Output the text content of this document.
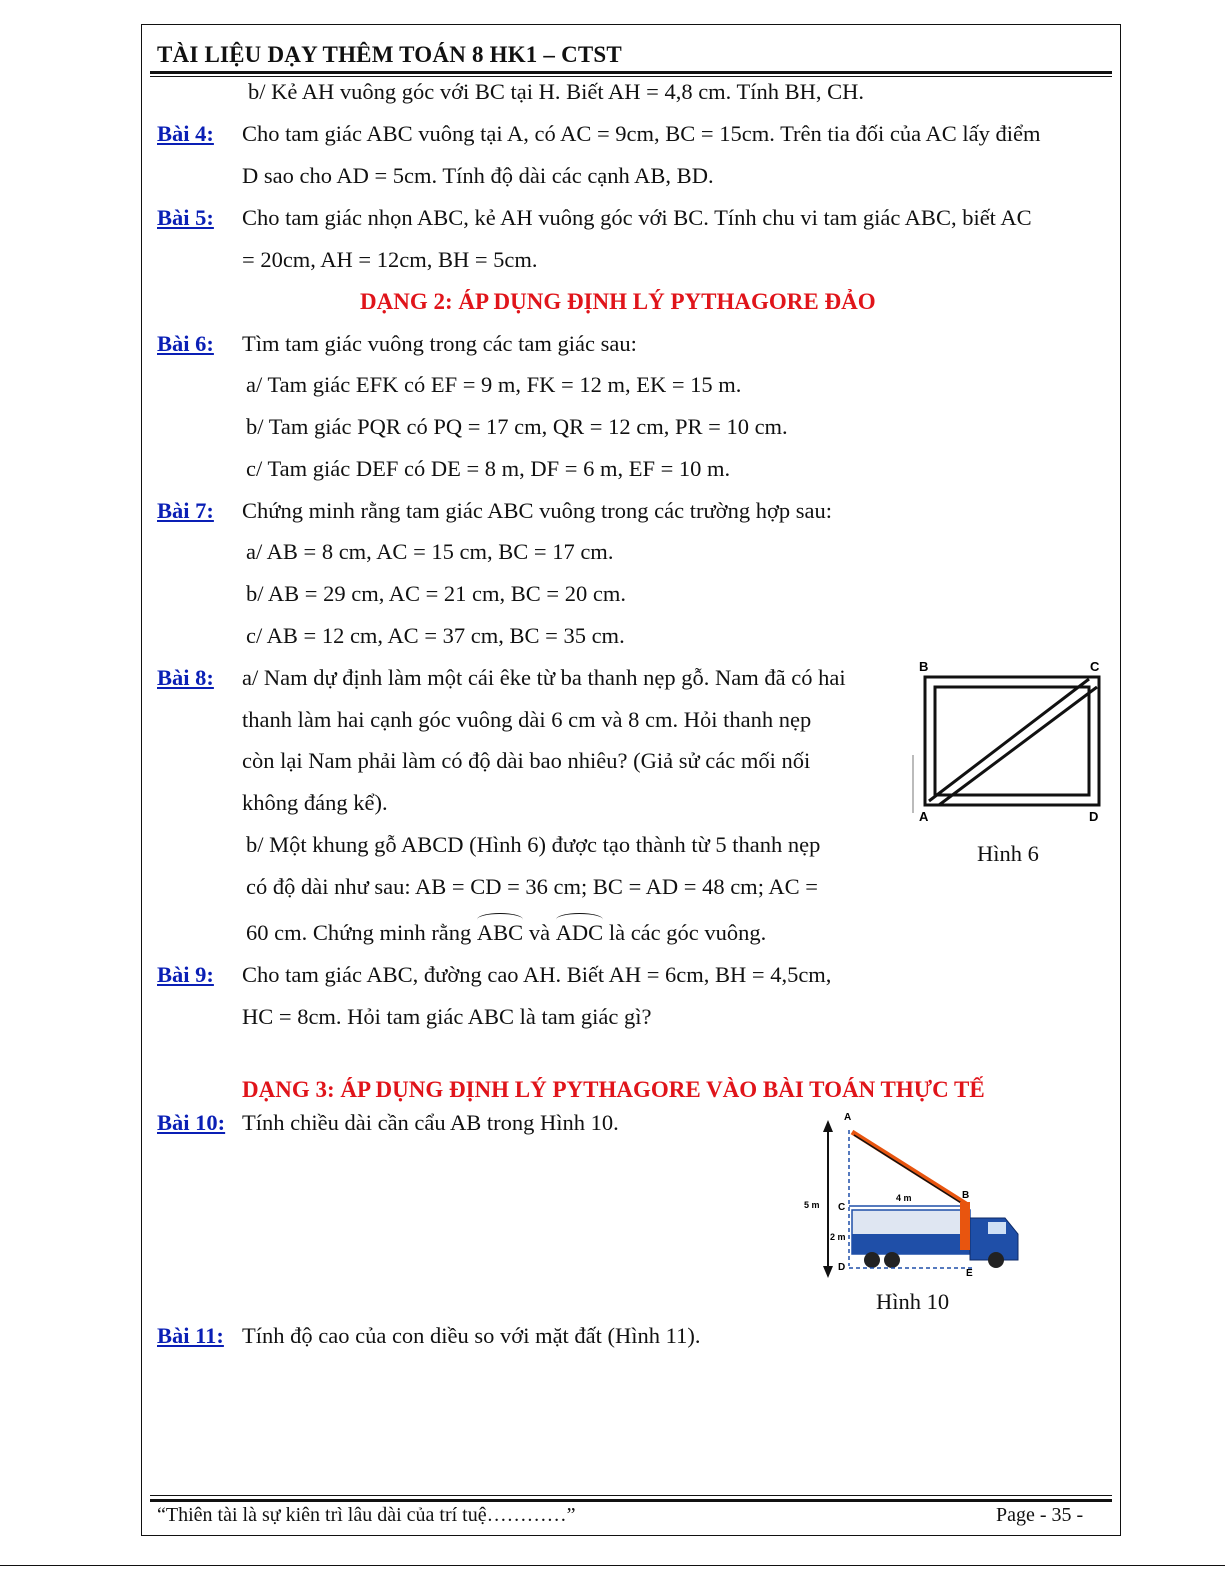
TÀI LIỆU DẠY THÊM TOÁN 8 HK1 – CTST
b/ Kẻ AH vuông góc với BC tại H. Biết AH = 4,8 cm. Tính BH, CH.
Bài 4: Cho tam giác ABC vuông tại A, có AC = 9cm, BC = 15cm. Trên tia đối của AC lấy điểm
D sao cho AD = 5cm. Tính độ dài các cạnh AB, BD.
Bài 5: Cho tam giác nhọn ABC, kẻ AH vuông góc với BC. Tính chu vi tam giác ABC, biết AC
= 20cm, AH = 12cm, BH = 5cm.
DẠNG 2: ÁP DỤNG ĐỊNH LÝ PYTHAGORE ĐẢO
Bài 6: Tìm tam giác vuông trong các tam giác sau:
a/ Tam giác EFK có EF = 9 m, FK = 12 m, EK = 15 m.
b/ Tam giác PQR có PQ = 17 cm, QR = 12 cm, PR = 10 cm.
c/ Tam giác DEF có DE = 8 m, DF = 6 m, EF = 10 m.
Bài 7: Chứng minh rằng tam giác ABC vuông trong các trường hợp sau:
a/ AB = 8 cm, AC = 15 cm, BC = 17 cm.
b/ AB = 29 cm, AC = 21 cm, BC = 20 cm.
c/ AB = 12 cm, AC = 37 cm, BC = 35 cm.
Bài 8: a/ Nam dự định làm một cái êke từ ba thanh nẹp gỗ. Nam đã có hai
thanh làm hai cạnh góc vuông dài 6 cm và 8 cm. Hỏi thanh nẹp
còn lại Nam phải làm có độ dài bao nhiêu? (Giả sử các mối nối
không đáng kể).
b/ Một khung gỗ ABCD (Hình 6) được tạo thành từ 5 thanh nẹp
có độ dài như sau: AB = CD = 36 cm; BC = AD = 48 cm; AC =
60 cm. Chứng minh rằng ABC và ADC là các góc vuông.
B	C
A	D
Hình 6
Bài 9: Cho tam giác ABC, đường cao AH. Biết AH = 6cm, BH = 4,5cm,
HC = 8cm. Hỏi tam giác ABC là tam giác gì?
DẠNG 3: ÁP DỤNG ĐỊNH LÝ PYTHAGORE VÀO BÀI TOÁN THỰC TẾ
Bài 10: Tính chiều dài cần cẩu AB trong Hình 10.	A
B
C
D
E
5 m
2 m
4 m
Hình 10
Bài 11: Tính độ cao của con diều so với mặt đất (Hình 11).
“Thiên tài là sự kiên trì lâu dài của trí tuệ…………”	Page - 35 -
